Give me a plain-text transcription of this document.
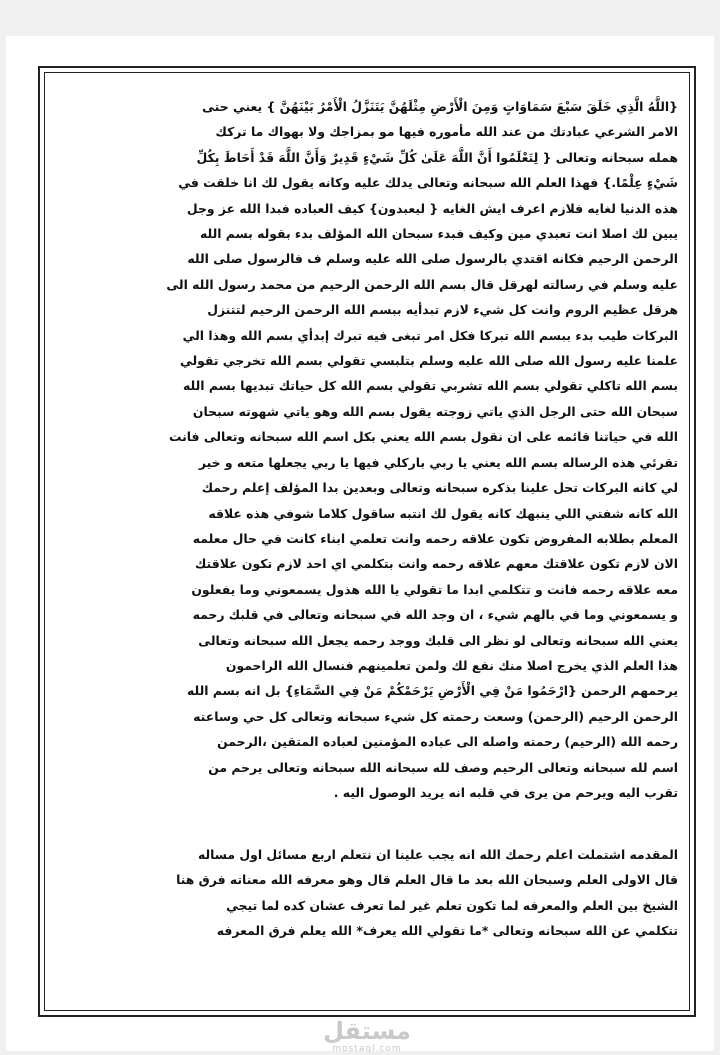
{اللَّهُ الَّذِي خَلَقَ سَبْعَ سَمَاوَاتٍ وَمِنَ الْأَرْضِ مِثْلَهُنَّ يَتَنَزَّلُ الْأَمْرُ بَيْنَهُنَّ } يعني حتى

الامر الشرعي عبادتك من عند الله مأموره فيها مو بمزاجك ولا بهواك ما تركك

همله سبحانه وتعالى { لِتَعْلَمُوا أَنَّ اللَّهَ عَلَىٰ كُلِّ شَيْءٍ قَدِيرٌ وَأَنَّ اللَّهَ قَدْ أَحَاطَ بِكُلِّ

شَيْءٍ عِلْمًا.} فهذا العلم الله سبحانه وتعالى يدلك عليه وكانه يقول لك انا خلقت في

هذه الدنيا لغايه فلازم اعرف ايش الغايه { ليعبدون} كيف العباده فبدا الله عز وجل

يبين لك اصلا انت تعبدي مين وكيف فبدء سبحان الله المؤلف بدء بقوله بسم الله

الرحمن الرحيم فكانه اقتدي بالرسول صلى الله عليه وسلم ف فالرسول صلى الله

عليه وسلم في رسالته لهرقل قال بسم الله الرحمن الرحيم من محمد رسول الله الى

هرقل عظيم الروم وانت كل شيء لازم تبدأيه ببسم الله الرحمن الرحيم لتتنزل

البركات طيب بدء ببسم الله تبركا فكل امر تبغى فيه تبرك إبدأي بسم الله وهذا الي

علمنا عليه رسول الله صلى الله عليه وسلم بتلبسي تقولي بسم الله تخرجي تقولي

بسم الله تاكلي تقولي بسم الله تشربي تقولي بسم الله كل حياتك تبديها بسم الله

سبحان الله حتى الرجل الذي ياتي زوجته يقول بسم الله وهو ياتي شهوته سبحان

الله في حياتنا قائمه على ان نقول بسم الله يعني بكل اسم الله سبحانه وتعالى فانت

تقرئي هذه الرساله بسم الله يعني يا ربي باركلي فيها يا ربي يجعلها متعه و خير

لي كانه البركات تحل علينا بذكره سبحانه وتعالى وبعدين بدا المؤلف إعلم رحمك

الله كانه شفتي اللي ينبهك كانه يقول لك انتبه ساقول كلاما شوفي هذه علاقه

المعلم بطلابه المفروض تكون علاقه رحمه وانت تعلمي ابناء كانت في حال معلمه

الان لازم تكون علاقتك معهم علاقه رحمه وانت بتكلمي اي احد لازم تكون علاقتك

معه علاقه رحمه فانت و تتكلمي ابدا ما تقولي يا الله هذول يسمعوني وما يفعلون

و يسمعوني وما في بالهم شيء ، ان وجد الله في سبحانه وتعالى في قلبك رحمه

يعني الله سبحانه وتعالى لو نظر الى قلبك ووجد رحمه يجعل الله سبحانه وتعالى

هذا العلم الذي يخرج اصلا منك نفع لك ولمن تعلمينهم فنسال الله الراحمون

يرحمهم الرحمن {ارْحَمُوا مَنْ فِي الْأَرْضِ يَرْحَمْكُمْ مَنْ فِي السَّمَاءِ} بل انه بسم الله

الرحمن الرحيم (الرحمن) وسعت رحمته كل شيء سبحانه وتعالى كل حي وساعته

رحمه الله (الرحيم) رحمته واصله الى عباده المؤمنين لعباده المتقين ،الرحمن

اسم لله سبحانه وتعالى الرحيم وصف لله سبحانه الله سبحانه وتعالى يرحم من

تقرب اليه ويرحم من يرى في قلبه انه يريد الوصول اليه .

المقدمه اشتملت اعلم رحمك الله انه يجب علينا ان نتعلم اربع مسائل اول مساله

قال الاولى العلم وسبحان الله بعد ما قال العلم قال وهو معرفه الله معناته فرق هنا

الشيخ بين العلم والمعرفه لما تكون تعلم غير لما تعرف عشان كده لما تيجي

تتكلمي عن الله سبحانه وتعالى *ما تقولي الله يعرف* الله يعلم فرق المعرفه

مستقل
mostaql.com
